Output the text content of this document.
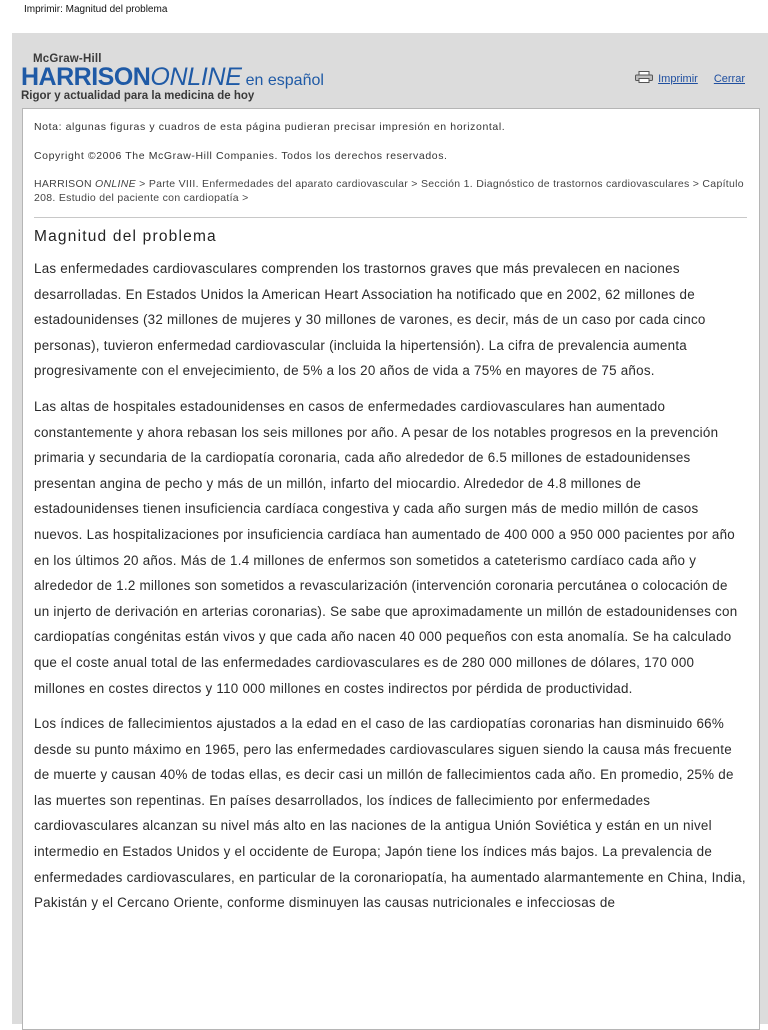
Imprimir: Magnitud del problema
McGraw-Hill
HARRISONONLINE en español
Rigor y actualidad para la medicina de hoy
Imprimir Cerrar

Nota: algunas figuras y cuadros de esta página pudieran precisar impresión en horizontal.

Copyright ©2006 The McGraw-Hill Companies. Todos los derechos reservados.

HARRISON ONLINE > Parte VIII. Enfermedades del aparato cardiovascular > Sección 1. Diagnóstico de trastornos cardiovasculares > Capítulo 208. Estudio del paciente con cardiopatía >
Magnitud del problema

Las enfermedades cardiovasculares comprenden los trastornos graves que más prevalecen en naciones desarrolladas. En Estados Unidos la American Heart Association ha notificado que en 2002, 62 millones de estadounidenses (32 millones de mujeres y 30 millones de varones, es decir, más de un caso por cada cinco personas), tuvieron enfermedad cardiovascular (incluida la hipertensión). La cifra de prevalencia aumenta progresivamente con el envejecimiento, de 5% a los 20 años de vida a 75% en mayores de 75 años.

Las altas de hospitales estadounidenses en casos de enfermedades cardiovasculares han aumentado constantemente y ahora rebasan los seis millones por año. A pesar de los notables progresos en la prevención primaria y secundaria de la cardiopatía coronaria, cada año alrededor de 6.5 millones de estadounidenses presentan angina de pecho y más de un millón, infarto del miocardio. Alrededor de 4.8 millones de estadounidenses tienen insuficiencia cardíaca congestiva y cada año surgen más de medio millón de casos nuevos. Las hospitalizaciones por insuficiencia cardíaca han aumentado de 400 000 a 950 000 pacientes por año en los últimos 20 años. Más de 1.4 millones de enfermos son sometidos a cateterismo cardíaco cada año y alrededor de 1.2 millones son sometidos a revascularización (intervención coronaria percutánea o colocación de un injerto de derivación en arterias coronarias). Se sabe que aproximadamente un millón de estadounidenses con cardiopatías congénitas están vivos y que cada año nacen 40 000 pequeños con esta anomalía. Se ha calculado que el coste anual total de las enfermedades cardiovasculares es de 280 000 millones de dólares, 170 000 millones en costes directos y 110 000 millones en costes indirectos por pérdida de productividad.

Los índices de fallecimientos ajustados a la edad en el caso de las cardiopatías coronarias han disminuido 66% desde su punto máximo en 1965, pero las enfermedades cardiovasculares siguen siendo la causa más frecuente de muerte y causan 40% de todas ellas, es decir casi un millón de fallecimientos cada año. En promedio, 25% de las muertes son repentinas. En países desarrollados, los índices de fallecimiento por enfermedades cardiovasculares alcanzan su nivel más alto en las naciones de la antigua Unión Soviética y están en un nivel intermedio en Estados Unidos y el occidente de Europa; Japón tiene los índices más bajos. La prevalencia de enfermedades cardiovasculares, en particular de la coronariopatía, ha aumentado alarmantemente en China, India, Pakistán y el Cercano Oriente, conforme disminuyen las causas nutricionales e infecciosas de
